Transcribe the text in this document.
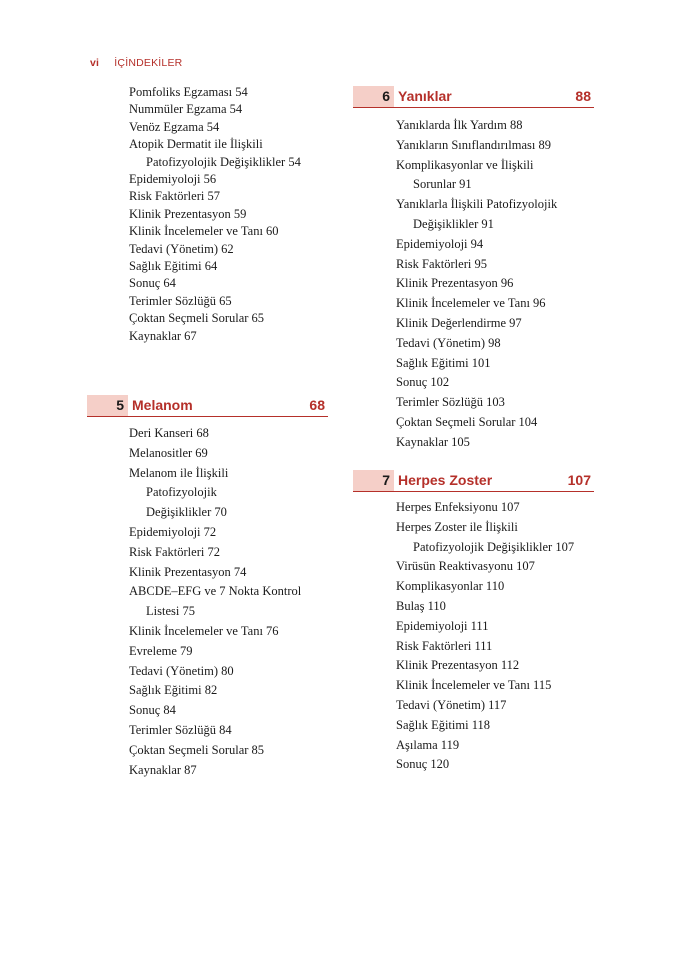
vi İÇİNDEKİLER
Pomfoliks Egzaması 54
Nummüler Egzama 54
Venöz Egzama 54
Atopik Dermatit ile İlişkili
Patofizyolojik Değişiklikler 54
Epidemiyoloji 56
Risk Faktörleri 57
Klinik Prezentasyon 59
Klinik İncelemeler ve Tanı 60
Tedavi (Yönetim) 62
Sağlık Eğitimi 64
Sonuç 64
Terimler Sözlüğü 65
Çoktan Seçmeli Sorular 65
Kaynaklar 67
5 Melanom	68
Deri Kanseri 68
Melanositler 69
Melanom ile İlişkili
Patofizyolojik
Değişiklikler 70
Epidemiyoloji 72
Risk Faktörleri 72
Klinik Prezentasyon 74
ABCDE–EFG ve 7 Nokta Kontrol
Listesi 75
Klinik İncelemeler ve Tanı 76
Evreleme 79
Tedavi (Yönetim) 80
Sağlık Eğitimi 82
Sonuç 84
Terimler Sözlüğü 84
Çoktan Seçmeli Sorular 85
Kaynaklar 87
6 Yanıklar	88
Yanıklarda İlk Yardım 88
Yanıkların Sınıflandırılması 89
Komplikasyonlar ve İlişkili
Sorunlar 91
Yanıklarla İlişkili Patofizyolojik
Değişiklikler 91
Epidemiyoloji 94
Risk Faktörleri 95
Klinik Prezentasyon 96
Klinik İncelemeler ve Tanı 96
Klinik Değerlendirme 97
Tedavi (Yönetim) 98
Sağlık Eğitimi 101
Sonuç 102
Terimler Sözlüğü 103
Çoktan Seçmeli Sorular 104
Kaynaklar 105
7 Herpes Zoster	107
Herpes Enfeksiyonu 107
Herpes Zoster ile İlişkili
Patofizyolojik Değişiklikler 107
Virüsün Reaktivasyonu 107
Komplikasyonlar 110
Bulaş 110
Epidemiyoloji 111
Risk Faktörleri 111
Klinik Prezentasyon 112
Klinik İncelemeler ve Tanı 115
Tedavi (Yönetim) 117
Sağlık Eğitimi 118
Aşılama 119
Sonuç 120
